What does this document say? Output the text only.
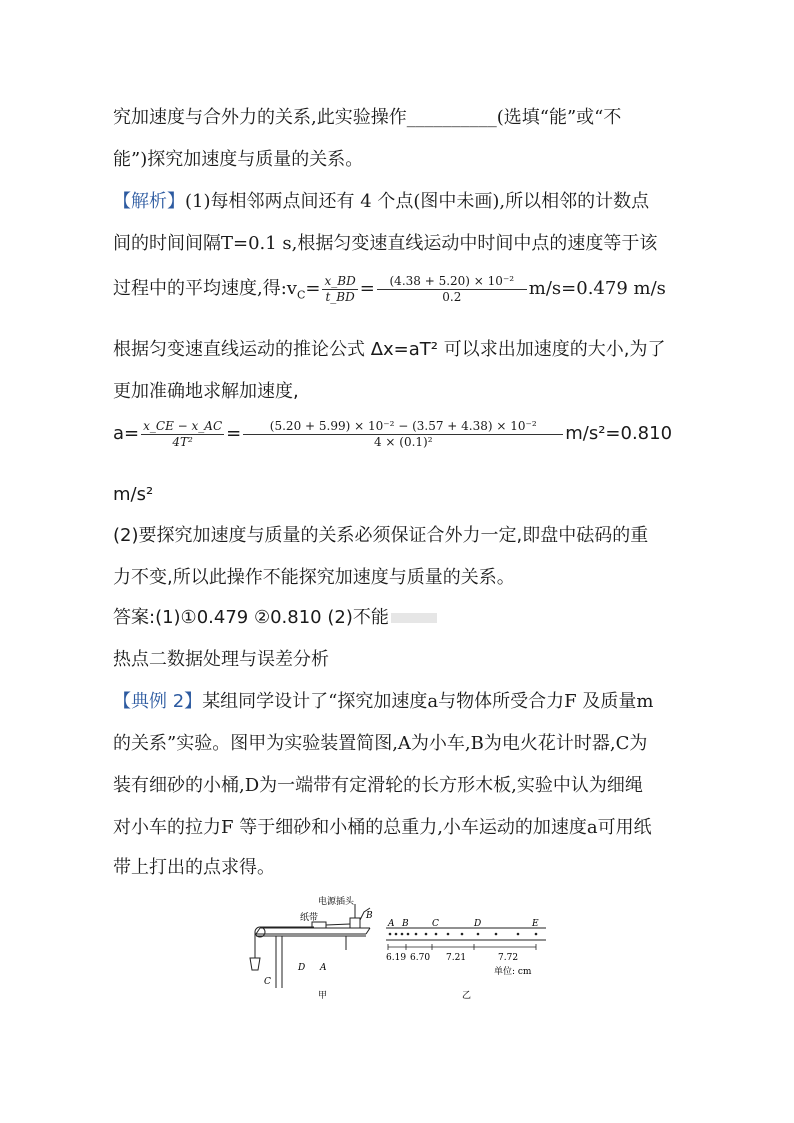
究加速度与合外力的关系,此实验操作__________(选填“能”或“不
能”)探究加速度与质量的关系。
【解析】(1)每相邻两点间还有 4 个点(图中未画),所以相邻的计数点
间的时间间隔T=0.1 s,根据匀变速直线运动中时间中点的速度等于该
过程中的平均速度,得$:v_C= \frac{x\_BD}{t\_BD} = \frac{\text{(4.38 + 5.20) × 10⁻²}}{0.2} m/s=0.479$ m/s
根据匀变速直线运动的推论公式 Δx=aT² 可以求出加速度的大小,为了
更加准确地求解加速度,
$a= \frac{x\_CE - x\_AC}{\text{4T²}} = \frac{\text{(5.20 + 5.99) × 10⁻² − (3.57 + 4.38) × 10⁻²}}{\text{4 × (0.1)²}} m/s^2=0.810$
m/s²
(2)要探究加速度与质量的关系必须保证合外力一定,即盘中砝码的重
力不变,所以此操作不能探究加速度与质量的关系。
答案:(1)①0.479 ②0.810 (2)不能
热点二数据处理与误差分析
【典例 2】某组同学设计了“探究加速度a与物体所受合力F 及质量m
的关系”实验。图甲为实验装置简图,A为小车,B为电火花计时器,C为
装有细砂的小桶,D为一端带有定滑轮的长方形木板,实验中认为细绳
对小车的拉力F 等于细砂和小桶的总重力,小车运动的加速度a可用纸
带上打出的点求得。
电源插头
纸带	B
A
D
C
甲
A B	C	D	E
6.19 6.70 7.21	7.72
单位: cm
乙
